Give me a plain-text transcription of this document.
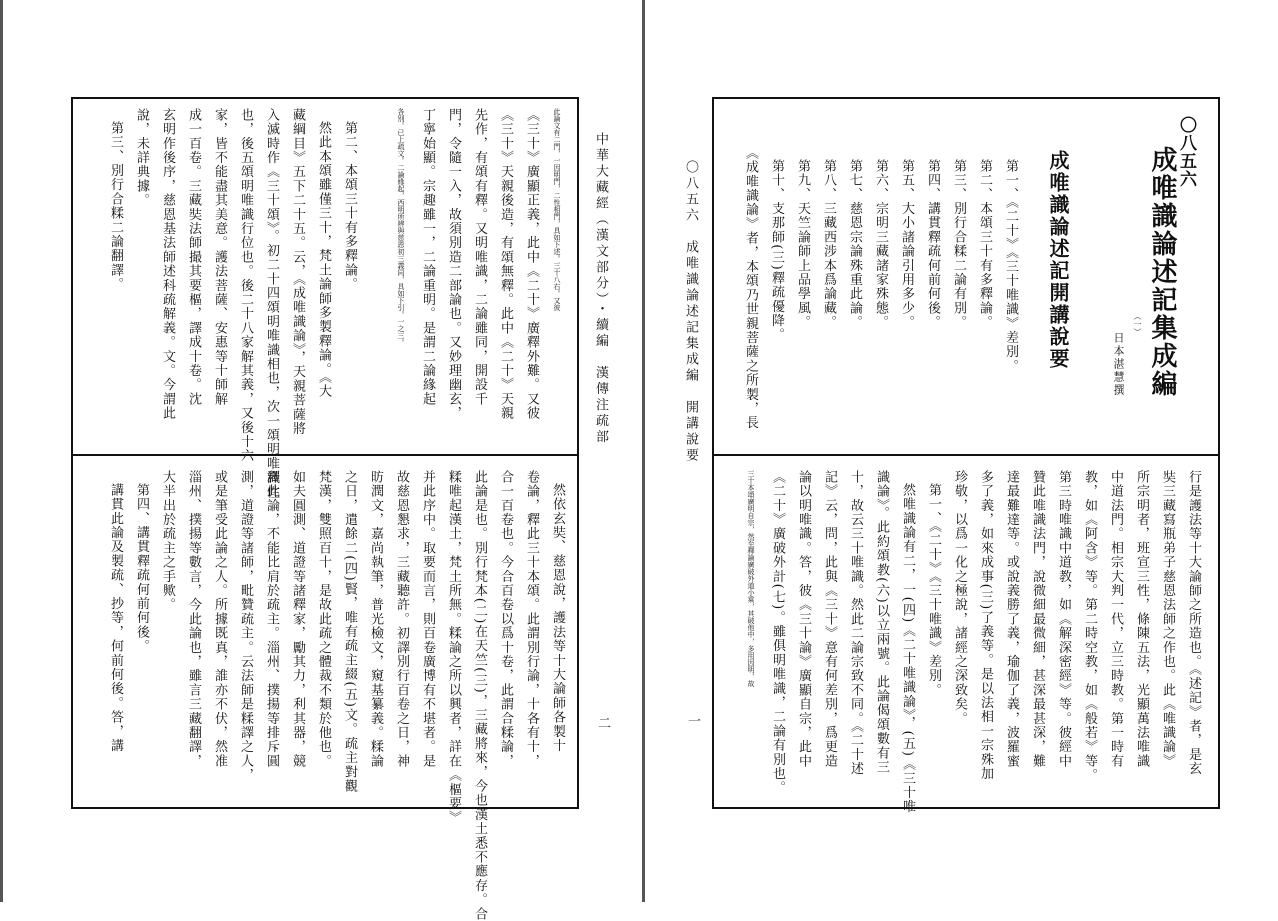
中華大藏經（漢文部分）・續編　漢傳注疏部
二

此論文有二門，一因明門，二性相門，具如下述。三十八右。又彼

《三十》廣顯正義，此中《二十》廣釋外難。又彼

《三十》天親後造，有頌無釋。此中《二十》天親

先作，有頌有釋。又明唯識，二論雖同，開設千

門，令隨一入，故須別造二部論也。又妙理幽玄，

丁寧始顯。宗趣雖一，二論重明。是謂二論緣起

各別。已上疏文。二論緣起，西明所辨與慈恩初三義同，具如下引。一之三。

第二、本頌三十有多釋論。

然此本頌雖僅三十，梵土論師多製釋論。《大

藏綱目》五下二十五。云，《成唯識論》，天親菩薩將

入滅時作《三十頌》。初二十四頌明唯識相也，次一頌明唯識性

也，後五頌明唯識行位也。後二十八家解其義，又後十六

家，皆不能盡其美意。護法菩薩、安惠等十師解

成一百卷。三藏奘法師撮其要樞，譯成十卷。沈

玄明作後序，慈恩基法師述科疏解義。文。今謂此

說，未詳典據。

第三、別行合糅二論翻譯。

然依玄奘、慈恩說，護法等十大論師各製十

卷論，釋此三十本頌。此謂別行論，十各有十，

合一百卷也。今合百卷以爲十卷，此謂合糅論，

此論是也。別行梵本(二)在天竺(三)，三藏將來，今也漢土悉不應存。合

糅唯起漢土，梵土所無。糅論之所以興者，詳在《樞要》

并此序中。取要而言，則百卷廣博有不堪者。是

故慈恩懇求，三藏聽許。初譯別行百卷之日，神

昉潤文，嘉尚執筆，普光檢文，窺基纂義。糅論

之日，遣餘二(四)賢，唯有疏主綴(五)文。疏主對觀

梵漢，雙照百十，是故此疏之體裁不類於他也。

如夫圓測、道證等諸釋家，勵其力，利其器，競

釋此論，不能比肩於疏主。淄州、撲揚等排斥圓

測，道證等諸師，毗贊疏主。云法師是糅譯之人，

或是筆受此論之人。所據既真，誰亦不伏，然准

淄州、撲揚等數言，今此論也，雖言三藏翻譯，

大半出於疏主之手歟。

第四、講貫釋疏何前何後。

講貫此論及製疏、抄等，何前何後。答，講

〇八五六　成唯識論述記集成編　開講說要
一
〇八五六
成唯識論述記集成編
（一）
日本湛慧撰
成唯識論述記開講說要

第一、《二十》《三十唯識》差別。

第二、本頌三十有多釋論。

第三、別行合糅二論有別。

第四、講貫釋疏何前何後。

第五、大小諸論引用多少。

第六、宗明三藏諸家殊態。

第七、慈恩宗論殊重此論。

第八、三藏西涉本爲論藏。

第九、天竺論師上品學風。

第十、支那師(三)釋疏優降。

《成唯識論》者，本頌乃世親菩薩之所製，長

行是護法等十大論師之所造也。《述記》者，是玄

奘三藏寫瓶弟子慈恩法師之作也。此《唯識論》

所宗明者，班宣三性，條陳五法，光顯萬法唯識

中道法門。相宗大判一代，立三時教。第一時有

教，如《阿含》等。第二時空教，如《般若》等。

第三時唯識中道教，如《解深密經》等。彼經中

贊此唯識法門，說微細最微細，甚深最甚深，難

達最難達等。或說義勝了義，瑜伽了義，波羅蜜

多了義，如來成事(三)了義等。是以法相一宗殊加

珍敬，以爲一化之極說，諸經之深致矣。

第一、《二十》《三十唯識》差別。

然唯識論有二，一(四)《二十唯識論》，(五)《三十唯

識論》。此約頌教(六)以立兩號。此論偈頌數有三

十，故云三十唯識。然此二論宗致不同。《二十述

記》云，問，此與《三十》意有何差別，爲更造

論以明唯識。答，彼《三十論》廣顯自宗，此中

《二十》廣破外計(七)。雖俱明唯識，二論有別也。

三十本頌廣明自宗，然至釋論廣破外道小乘，其破他中，多用因明，故
